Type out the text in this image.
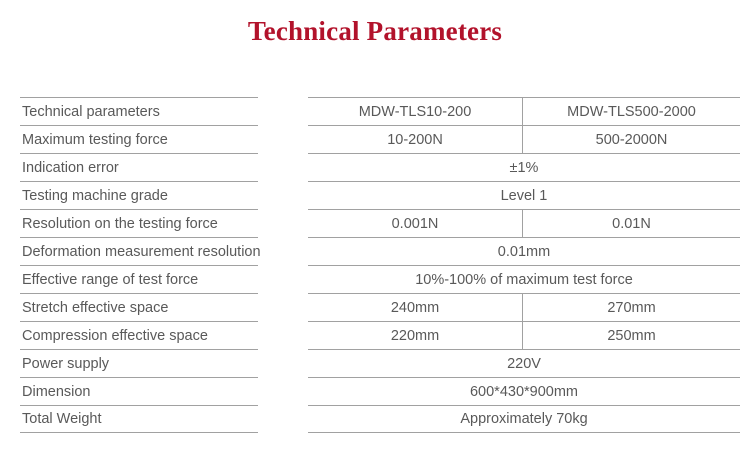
Technical Parameters
Technical parameters	MDW-TLS10-200	MDW-TLS500-2000
Maximum testing force	10-200N	500-2000N
Indication error	±1%
Testing machine grade	Level 1
Resolution on the testing force	0.001N	0.01N
Deformation measurement resolution	0.01mm
Effective range of test force	10%-100% of maximum test force
Stretch effective space	240mm	270mm
Compression effective space	220mm	250mm
Power supply	220V
Dimension	600*430*900mm
Total Weight	Approximately 70kg
